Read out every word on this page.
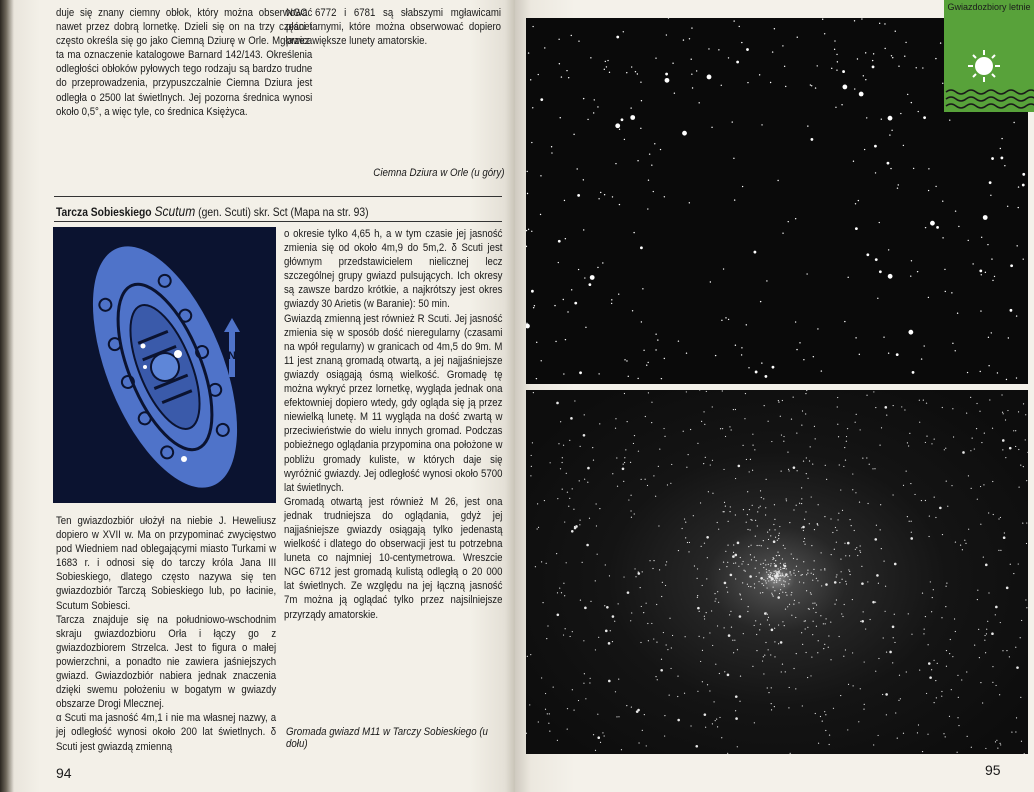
duje się znany ciemny obłok, który można obserwować nawet przez dobrą lornetkę. Dzieli się on na trzy części i często określa się go jako Ciemną Dziurę w Orle. Mgławica ta ma oznaczenie katalogowe Barnard 142/143. Określenia odległości obłoków pyłowych tego rodzaju są bardzo trudne do przeprowadzenia, przypuszczalnie Ciemna Dziura jest odległa o 2500 lat świetlnych. Jej pozorna średnica wynosi około 0,5°, a więc tyle, co średnica Księżyca.

NGC 6772 i 6781 są słabszymi mgławicami planetarnymi, które można obserwować dopiero przez większe lunety amatorskie.

Ciemna Dziura w Orle (u góry)
Tarcza Sobieskiego Scutum (gen. Scuti) skr. Sct (Mapa na str. 93)
N

Ten gwiazdozbiór ułożył na niebie J. Heweliusz dopiero w XVII w. Ma on przypominać zwycięstwo pod Wiedniem nad oblegającymi miasto Turkami w 1683 r. i odnosi się do tarczy króla Jana III Sobieskiego, dlatego często nazywa się ten gwiazdozbiór Tarczą Sobieskiego lub, po łacinie, Scutum Sobiesci.

Tarcza znajduje się na południowo-wschodnim skraju gwiazdozbioru Orła i łączy go z gwiazdozbiorem Strzelca. Jest to figura o małej powierzchni, a ponadto nie zawiera jaśniejszych gwiazd. Gwiazdozbiór nabiera jednak znaczenia dzięki swemu położeniu w bogatym w gwiazdy obszarze Drogi Mlecznej.

α Scuti ma jasność 4m,1 i nie ma własnej nazwy, a jej odległość wynosi około 200 lat świetlnych. δ Scuti jest gwiazdą zmienną

o okresie tylko 4,65 h, a w tym czasie jej jasność zmienia się od około 4m,9 do 5m,2. δ Scuti jest głównym przedstawicielem nielicznej lecz szczególnej grupy gwiazd pulsujących. Ich okresy są zawsze bardzo krótkie, a najkrótszy jest okres gwiazdy 30 Arietis (w Baranie): 50 min.

Gwiazdą zmienną jest również R Scuti. Jej jasność zmienia się w sposób dość nieregularny (czasami na wpół regularny) w granicach od 4m,5 do 9m. M 11 jest znaną gromadą otwartą, a jej najjaśniejsze gwiazdy osiągają ósmą wielkość. Gromadę tę można wykryć przez lornetkę, wygląda jednak ona efektowniej dopiero wtedy, gdy ogląda się ją przez niewielką lunetę. M 11 wygląda na dość zwartą w przeciwieństwie do wielu innych gromad. Podczas pobieżnego oglądania przypomina ona położone w pobliżu gromady kuliste, w których daje się wyróżnić gwiazdy. Jej odległość wynosi około 5700 lat świetlnych.

Gromadą otwartą jest również M 26, jest ona jednak trudniejsza do oglądania, gdyż jej najjaśniejsze gwiazdy osiągają tylko jedenastą wielkość i dlatego do obserwacji jest tu potrzebna luneta co najmniej 10-centymetrowa. Wreszcie NGC 6712 jest gromadą kulistą odległą o 20 000 lat świetlnych. Ze względu na jej łączną jasność 7m można ją oglądać tylko przez najsilniejsze przyrządy amatorskie.

Gromada gwiazd M11 w Tarczy Sobieskiego (u dołu)
94
Gwiazdozbiory letnie
95
